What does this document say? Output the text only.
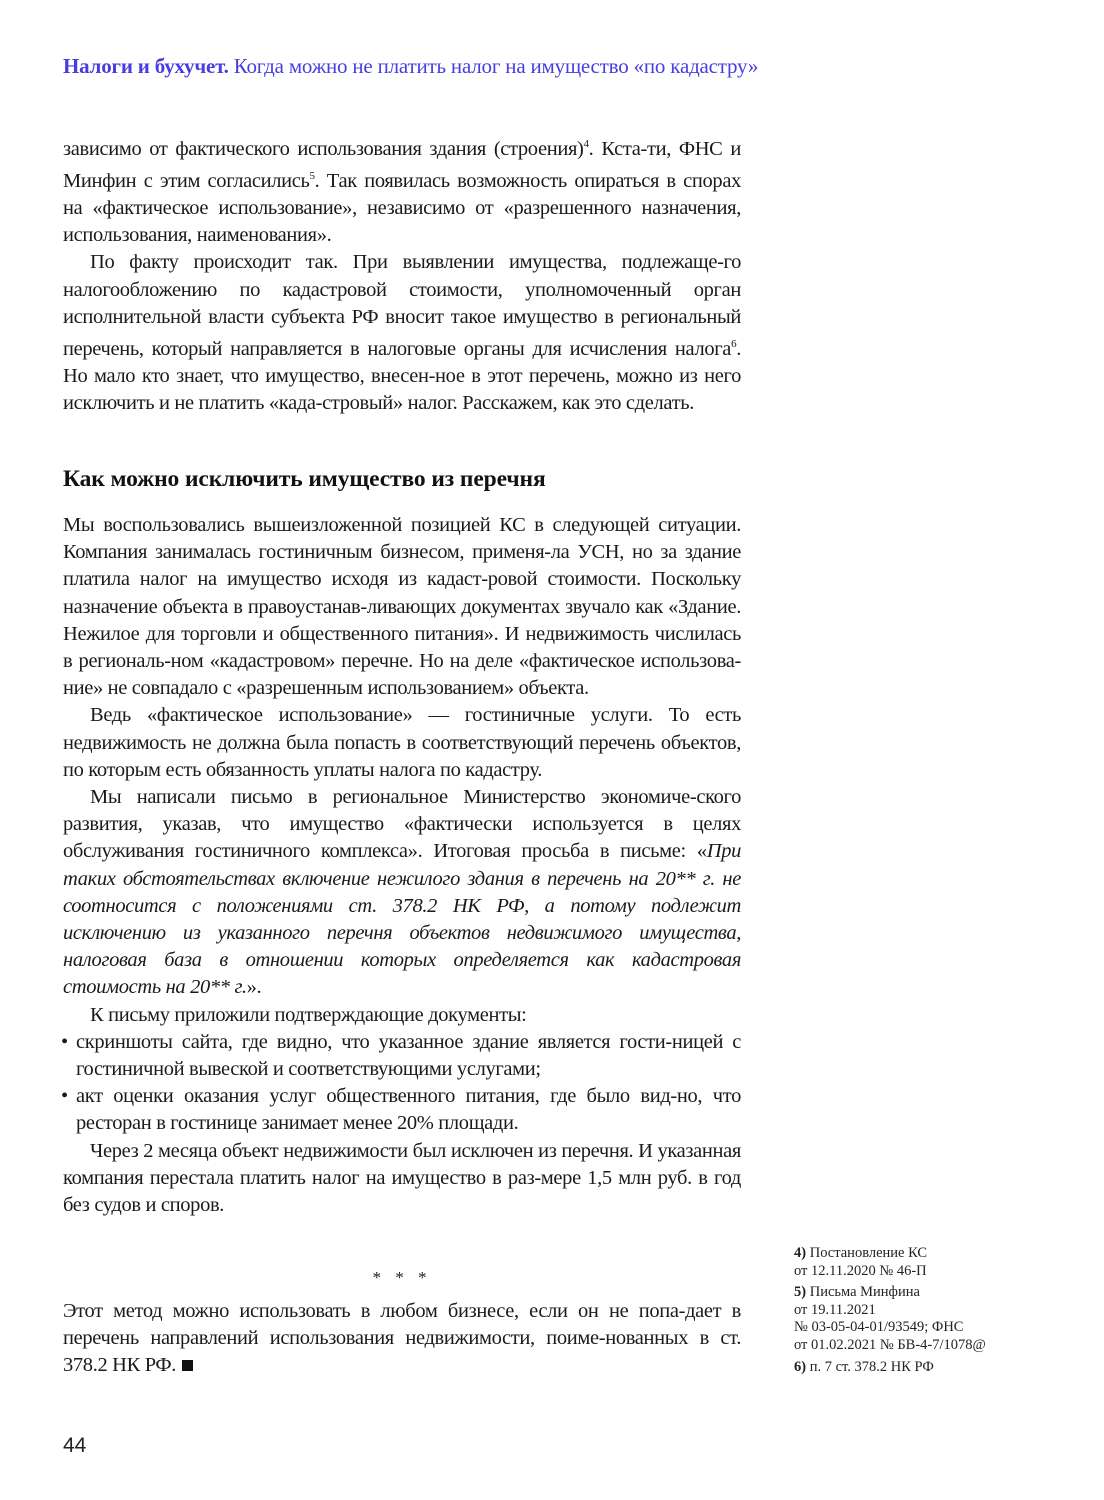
Налоги и бухучет. Когда можно не платить налог на имущество «по кадастру»

зависимо от фактического использования здания (строения)$^4$. Кста-ти, ФНС и Минфин с этим согласились$^5$. Так появилась возможность опираться в спорах на «фактическое использование», независимо от «разрешенного назначения, использования, наименования».

По факту происходит так. При выявлении имущества, подлежаще-го налогообложению по кадастровой стоимости, уполномоченный орган исполнительной власти субъекта РФ вносит такое имущество в региональный перечень, который направляется в налоговые органы для исчисления налога$^6$. Но мало кто знает, что имущество, внесен-ное в этот перечень, можно из него исключить и не платить «када-стровый» налог. Расскажем, как это сделать.

Как можно исключить имущество из перечня

Мы воспользовались вышеизложенной позицией КС в следующей ситуации. Компания занималась гостиничным бизнесом, применя-ла УСН, но за здание платила налог на имущество исходя из кадаст-ровой стоимости. Поскольку назначение объекта в правоустанав-ливающих документах звучало как «Здание. Нежилое для торговли и общественного питания». И недвижимость числилась в региональ-ном «кадастровом» перечне. Но на деле «фактическое использова-ние» не совпадало с «разрешенным использованием» объекта.

Ведь «фактическое использование» — гостиничные услуги. То есть недвижимость не должна была попасть в соответствующий перечень объектов, по которым есть обязанность уплаты налога по кадастру.

Мы написали письмо в региональное Министерство экономиче-ского развития, указав, что имущество «фактически используется в целях обслуживания гостиничного комплекса». Итоговая просьба в письме: «При таких обстоятельствах включение нежилого здания в перечень на 20** г. не соотносится с положениями ст. 378.2 НК РФ, а потому подлежит исключению из указанного перечня объектов недвижимого имущества, налоговая база в отношении которых определяется как кадастровая стоимость на 20** г.».

К письму приложили подтверждающие документы:

• скриншоты сайта, где видно, что указанное здание является гости-ницей с гостиничной вывеской и соответствующими услугами;

• акт оценки оказания услуг общественного питания, где было вид-но, что ресторан в гостинице занимает менее 20% площади.

Через 2 месяца объект недвижимости был исключен из перечня. И указанная компания перестала платить налог на имущество в раз-мере 1,5 млн руб. в год без судов и споров.

* * *

Этот метод можно использовать в любом бизнесе, если он не попа-дает в перечень направлений использования недвижимости, поиме-нованных в ст. 378.2 НК РФ.

4) Постановление КС
от 12.11.2020 № 46-П
5) Письма Минфина
от 19.11.2021
№ 03-05-04-01/93549; ФНС
от 01.02.2021 № БВ-4-7/1078@
6) п. 7 ст. 378.2 НК РФ
44
